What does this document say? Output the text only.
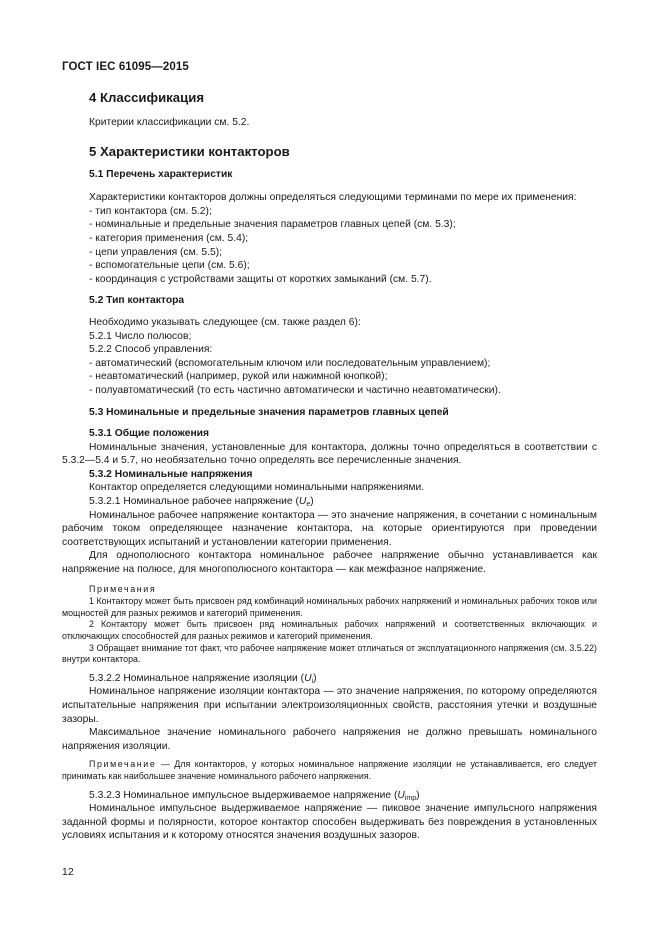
ГОСТ IEC 61095—2015
4 Классификация

Критерии классификации см. 5.2.

5 Характеристики контакторов

5.1 Перечень характеристик

Характеристики контакторов должны определяться следующими терминами по мере их применения:

- тип контактора (см. 5.2);
- номинальные и предельные значения параметров главных цепей (см. 5.3);
- категория применения (см. 5.4);
- цепи управления (см. 5.5);
- вспомогательные цепи (см. 5.6);
- координация с устройствами защиты от коротких замыканий (см. 5.7).

5.2 Тип контактора

Необходимо указывать следующее (см. также раздел 6):

5.2.1 Число полюсов;

5.2.2 Способ управления:

- автоматический (вспомогательным ключом или последовательным управлением);
- неавтоматический (например, рукой или нажимной кнопкой);
- полуавтоматический (то есть частично автоматически и частично неавтоматически).

5.3 Номинальные и предельные значения параметров главных цепей

5.3.1 Общие положения

Номинальные значения, установленные для контактора, должны точно определяться в соответствии с 5.3.2—5.4 и 5.7, но необязательно точно определять все перечисленные значения.

5.3.2 Номинальные напряжения

Контактор определяется следующими номинальными напряжениями.

5.3.2.1 Номинальное рабочее напряжение $(U_e)$

Номинальное рабочее напряжение контактора — это значение напряжения, в сочетании с номинальным рабочим током определяющее назначение контактора, на которые ориентируются при проведении соответствующих испытаний и установлении категории применения.

Для однополюсного контактора номинальное рабочее напряжение обычно устанавливается как напряжение на полюсе, для многополюсного контактора — как межфазное напряжение.

Примечания

1 Контактору может быть присвоен ряд комбинаций номинальных рабочих напряжений и номинальных рабочих токов или мощностей для разных режимов и категорий применения.

2 Контактору может быть присвоен ряд номинальных рабочих напряжений и соответственных включающих и отключающих способностей для разных режимов и категорий применения.

3 Обращает внимание тот факт, что рабочее напряжение может отличаться от эксплуатационного напряжения (см. 3.5.22) внутри контактора.

5.3.2.2 Номинальное напряжение изоляции $(U_i)$

Номинальное напряжение изоляции контактора — это значение напряжения, по которому определяются испытательные напряжения при испытании электроизоляционных свойств, расстояния утечки и воздушные зазоры.

Максимальное значение номинального рабочего напряжения не должно превышать номинального напряжения изоляции.

Примечание — Для контакторов, у которых номинальное напряжение изоляции не устанавливается, его следует принимать как наибольшее значение номинального рабочего напряжения.

5.3.2.3 Номинальное импульсное выдерживаемое напряжение $(U_{imp})$

Номинальное импульсное выдерживаемое напряжение — пиковое значение импульсного напряжения заданной формы и полярности, которое контактор способен выдерживать без повреждения в установленных условиях испытания и к которому относятся значения воздушных зазоров.

12
